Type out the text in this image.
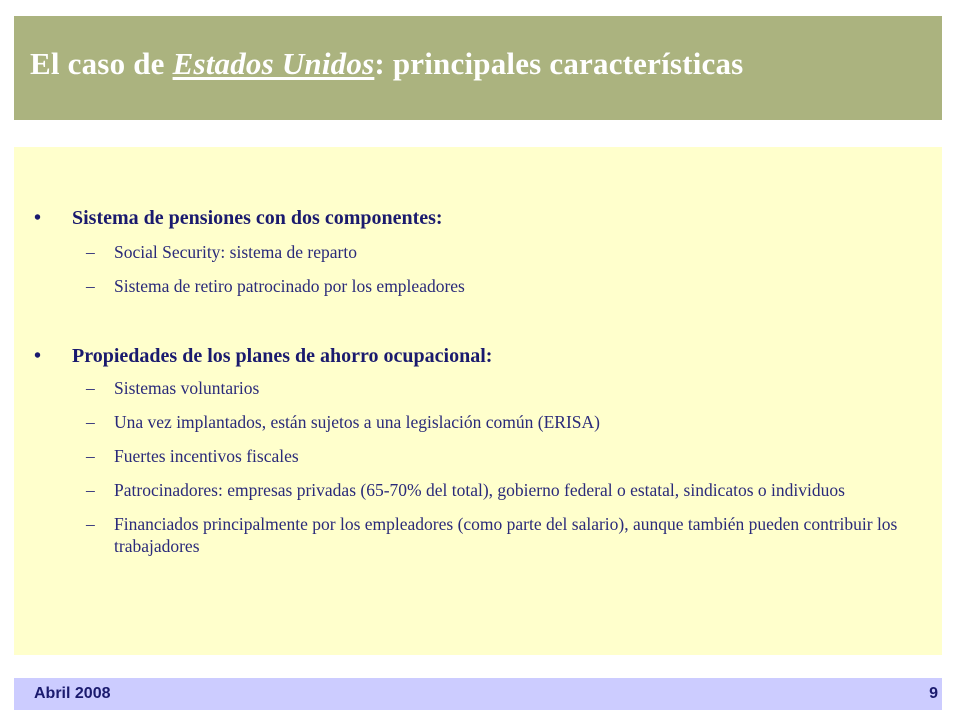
El caso de Estados Unidos: principales características
• Sistema de pensiones con dos componentes:
– Social Security: sistema de reparto
– Sistema de retiro patrocinado por los empleadores
• Propiedades de los planes de ahorro ocupacional:
– Sistemas voluntarios
– Una vez implantados, están sujetos a una legislación común (ERISA)
– Fuertes incentivos fiscales
– Patrocinadores: empresas privadas (65-70% del total), gobierno federal o estatal, sindicatos o individuos
– Financiados principalmente por los empleadores (como parte del salario), aunque también pueden contribuir los trabajadores
Abril 2008	9
